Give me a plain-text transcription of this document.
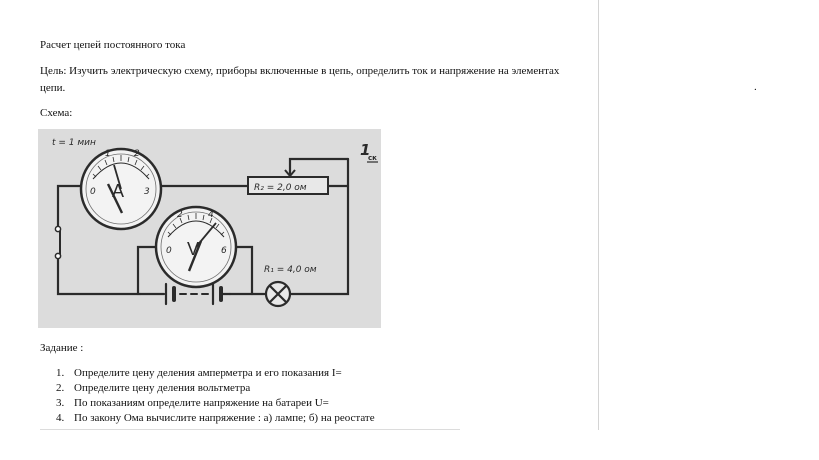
Расчет цепей постоянного тока

Цель: Изучить электрическую схему, приборы включенные в цепь, определить ток и напряжение на элементах цепи.

Схема:

R₂ = 2,0 ом
0
1	2
3
A
0
2	4
6
V
R₁ = 4,0 ом
t = 1 мин	1
ск

Задание :

1. Определите цену деления амперметра и его показания I=
2. Определите цену деления вольтметра
3. По показаниям определите напряжение на батареи U=
4. По закону Ома вычислите напряжение : а) лампе; б) на реостате
.
